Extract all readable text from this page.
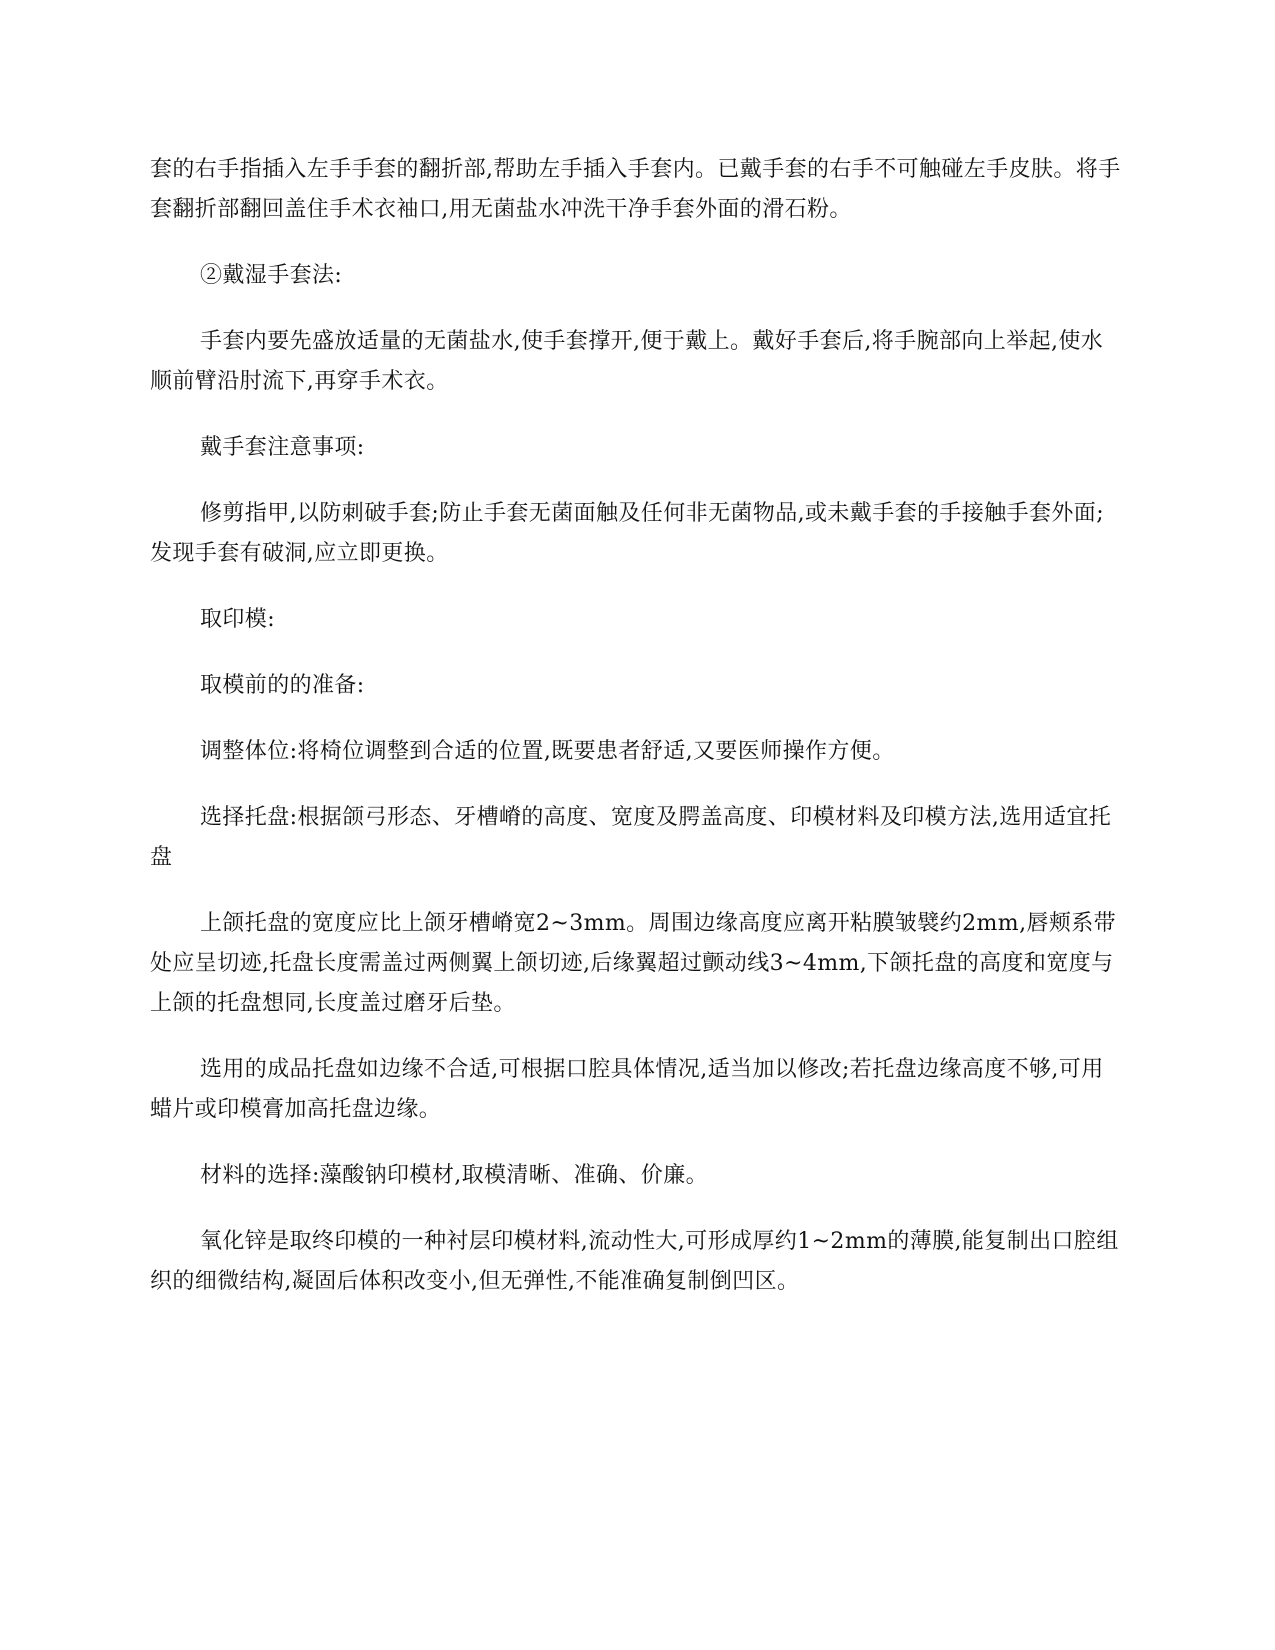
套的右手指插入左手手套的翻折部,帮助左手插入手套内。已戴手套的右手不可触碰左手皮肤。将手套翻折部翻回盖住手术衣袖口,用无菌盐水冲洗干净手套外面的滑石粉。

②戴湿手套法:

手套内要先盛放适量的无菌盐水,使手套撑开,便于戴上。戴好手套后,将手腕部向上举起,使水顺前臂沿肘流下,再穿手术衣。

戴手套注意事项:

修剪指甲,以防刺破手套;防止手套无菌面触及任何非无菌物品,或未戴手套的手接触手套外面;发现手套有破洞,应立即更换。

取印模:

取模前的的准备:

调整体位:将椅位调整到合适的位置,既要患者舒适,又要医师操作方便。

选择托盘:根据颌弓形态、牙槽嵴的高度、宽度及腭盖高度、印模材料及印模方法,选用适宜托盘

上颌托盘的宽度应比上颌牙槽嵴宽2~3mm。周围边缘高度应离开粘膜皱襞约2mm,唇颊系带处应呈切迹,托盘长度需盖过两侧翼上颌切迹,后缘翼超过颤动线3~4mm,下颌托盘的高度和宽度与上颌的托盘想同,长度盖过磨牙后垫。

选用的成品托盘如边缘不合适,可根据口腔具体情况,适当加以修改;若托盘边缘高度不够,可用蜡片或印模膏加高托盘边缘。

材料的选择:藻酸钠印模材,取模清晰、准确、价廉。

氧化锌是取终印模的一种衬层印模材料,流动性大,可形成厚约1~2mm的薄膜,能复制出口腔组织的细微结构,凝固后体积改变小,但无弹性,不能准确复制倒凹区。
